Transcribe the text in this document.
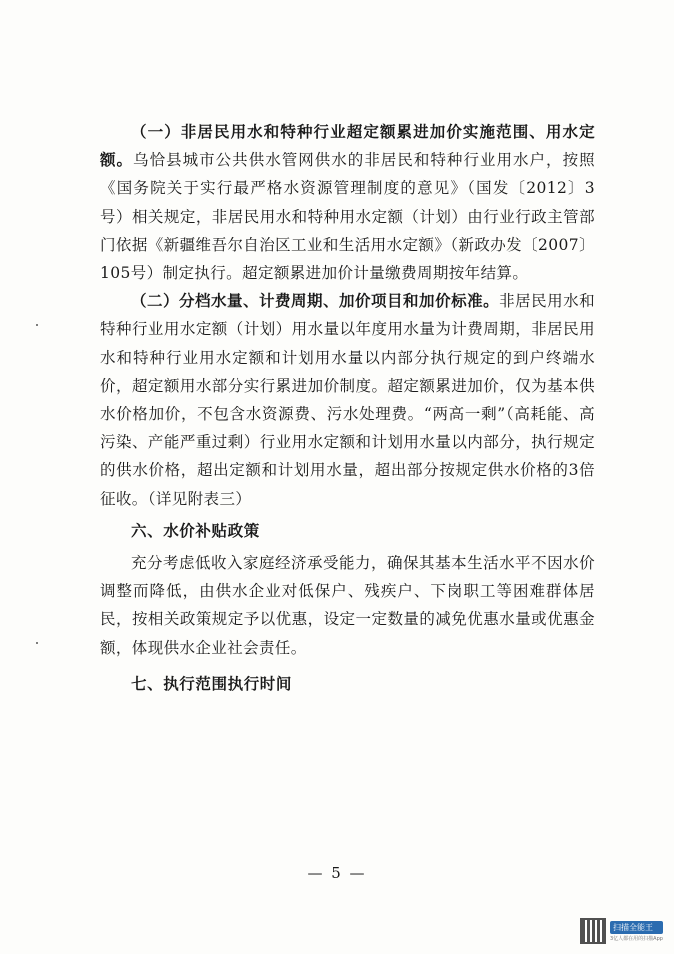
（一）非居民用水和特种行业超定额累进加价实施范围、用水定额。乌恰县城市公共供水管网供水的非居民和特种行业用水户，按照《国务院关于实行最严格水资源管理制度的意见》（国发〔2012〕3号）相关规定，非居民用水和特种用水定额（计划）由行业行政主管部门依据《新疆维吾尔自治区工业和生活用水定额》（新政办发〔2007〕105号）制定执行。超定额累进加价计量缴费周期按年结算。

（二）分档水量、计费周期、加价项目和加价标准。非居民用水和特种行业用水定额（计划）用水量以年度用水量为计费周期，非居民用水和特种行业用水定额和计划用水量以内部分执行规定的到户终端水价，超定额用水部分实行累进加价制度。超定额累进加价，仅为基本供水价格加价，不包含水资源费、污水处理费。“两高一剩”（高耗能、高污染、产能严重过剩）行业用水定额和计划用水量以内部分，执行规定的供水价格，超出定额和计划用水量，超出部分按规定供水价格的3倍征收。（详见附表三）

六、水价补贴政策

充分考虑低收入家庭经济承受能力，确保其基本生活水平不因水价调整而降低，由供水企业对低保户、残疾户、下岗职工等困难群体居民，按相关政策规定予以优惠，设定一定数量的减免优惠水量或优惠金额，体现供水企业社会责任。

七、执行范围执行时间

— 5 —
扫描全能王
3亿人都在用的扫描App
